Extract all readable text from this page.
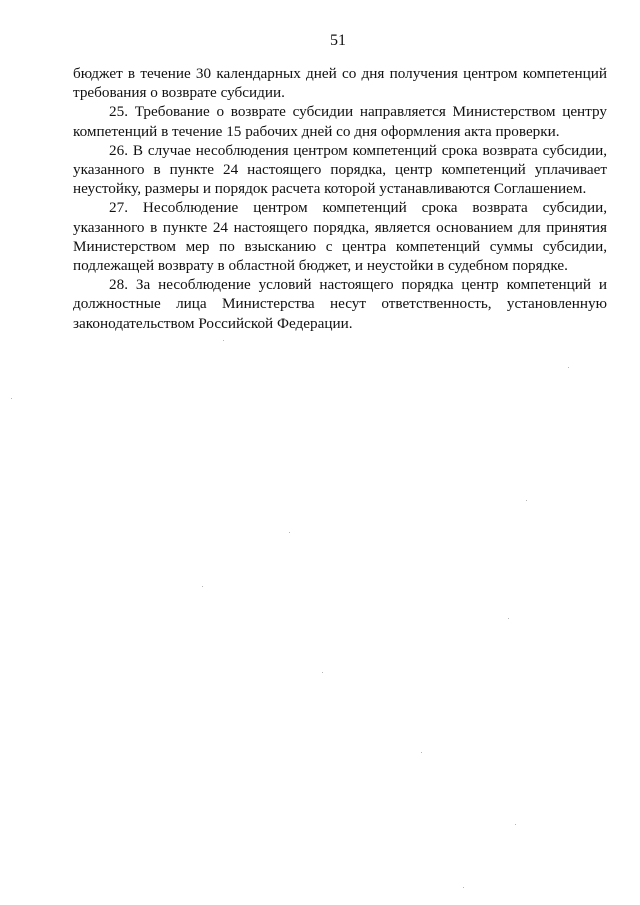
51

бюджет в течение 30 календарных дней со дня получения центром компетенций требования о возврате субсидии.

25. Требование о возврате субсидии направляется Министерством центру компетенций в течение 15 рабочих дней со дня оформления акта проверки.

26. В случае несоблюдения центром компетенций срока возврата субсидии, указанного в пункте 24 настоящего порядка, центр компетенций уплачивает неустойку, размеры и порядок расчета которой устанавливаются Соглашением.

27. Несоблюдение центром компетенций срока возврата субсидии, указанного в пункте 24 настоящего порядка, является основанием для принятия Министерством мер по взысканию с центра компетенций суммы субсидии, подлежащей возврату в областной бюджет, и неустойки в судебном порядке.

28. За несоблюдение условий настоящего порядка центр компетенций и должностные лица Министерства несут ответственность, установленную законодательством Российской Федерации.
